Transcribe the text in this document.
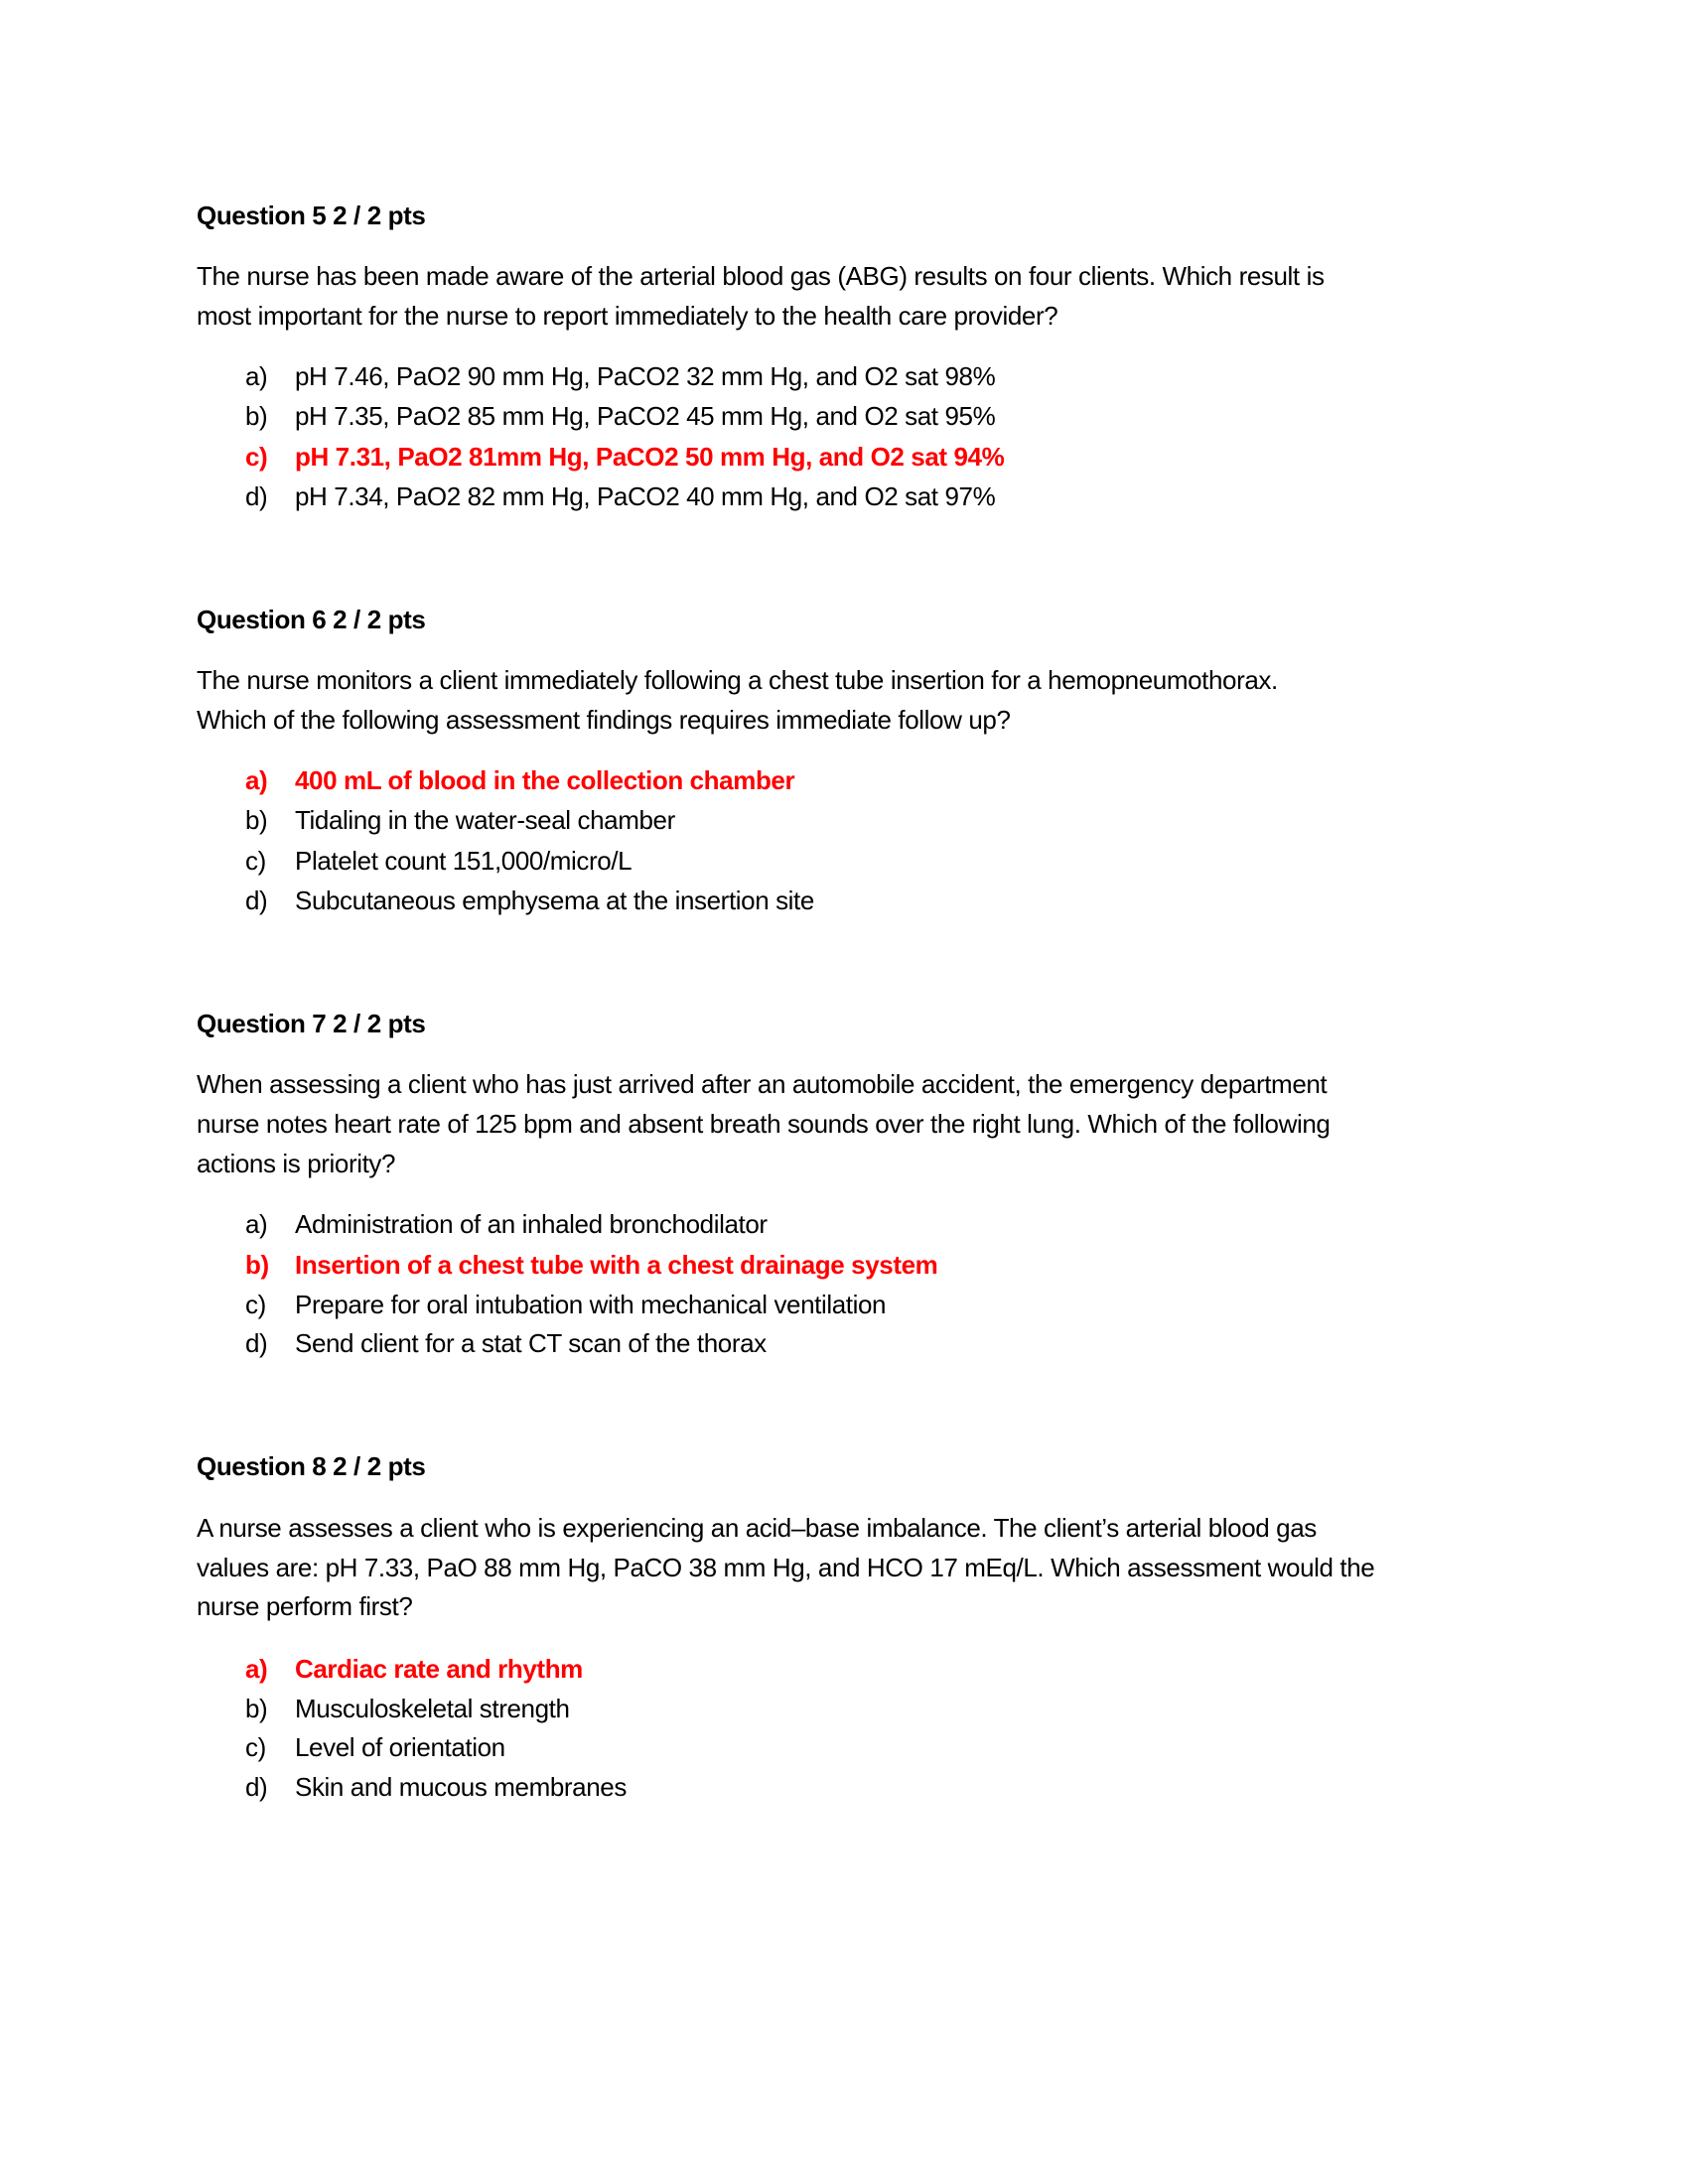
Question 5 2 / 2 pts
The nurse has been made aware of the arterial blood gas (ABG) results on four clients. Which result is
most important for the nurse to report immediately to the health care provider?
a) pH 7.46, PaO2 90 mm Hg, PaCO2 32 mm Hg, and O2 sat 98%
b) pH 7.35, PaO2 85 mm Hg, PaCO2 45 mm Hg, and O2 sat 95%
c) pH 7.31, PaO2 81mm Hg, PaCO2 50 mm Hg, and O2 sat 94%
d) pH 7.34, PaO2 82 mm Hg, PaCO2 40 mm Hg, and O2 sat 97%
Question 6 2 / 2 pts
The nurse monitors a client immediately following a chest tube insertion for a hemopneumothorax.
Which of the following assessment findings requires immediate follow up?
a) 400 mL of blood in the collection chamber
b) Tidaling in the water-seal chamber
c) Platelet count 151,000/micro/L
d) Subcutaneous emphysema at the insertion site
Question 7 2 / 2 pts
When assessing a client who has just arrived after an automobile accident, the emergency department
nurse notes heart rate of 125 bpm and absent breath sounds over the right lung. Which of the following
actions is priority?
a) Administration of an inhaled bronchodilator
b) Insertion of a chest tube with a chest drainage system
c) Prepare for oral intubation with mechanical ventilation
d) Send client for a stat CT scan of the thorax
Question 8 2 / 2 pts
A nurse assesses a client who is experiencing an acid–base imbalance. The client’s arterial blood gas
values are: pH 7.33, PaO 88 mm Hg, PaCO 38 mm Hg, and HCO 17 mEq/L. Which assessment would the
nurse perform first?
a) Cardiac rate and rhythm
b) Musculoskeletal strength
c) Level of orientation
d) Skin and mucous membranes
